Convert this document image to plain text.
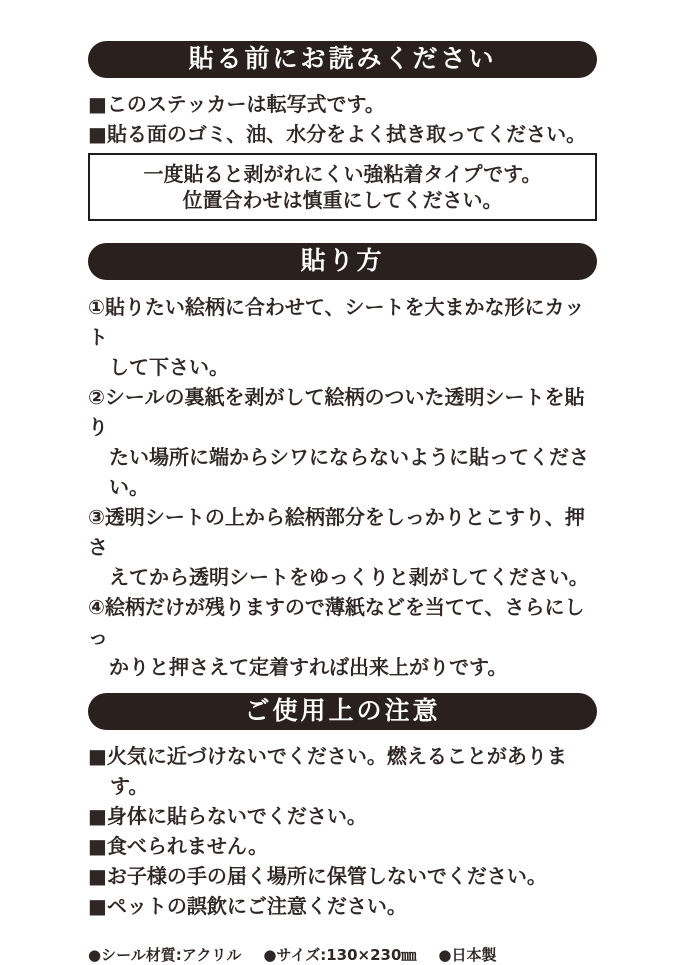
貼る前にお読みください
■このステッカーは転写式です。
■貼る面のゴミ、油、水分をよく拭き取ってください。
一度貼ると剥がれにくい強粘着タイプです。
位置合わせは慎重にしてください。
貼り方
①貼りたい絵柄に合わせて、シートを大まかな形にカット
して下さい。
②シールの裏紙を剥がして絵柄のついた透明シートを貼り
たい場所に端からシワにならないように貼ってください。
③透明シートの上から絵柄部分をしっかりとこすり、押さ
えてから透明シートをゆっくりと剥がしてください。
④絵柄だけが残りますので薄紙などを当てて、さらにしっ
かりと押さえて定着すれば出来上がりです。
ご使用上の注意
■火気に近づけないでください。燃えることがあります。
■身体に貼らないでください。
■食べられません。
■お子様の手の届く場所に保管しないでください。
■ペットの誤飲にご注意ください。
●シール材質:アクリル ●サイズ:130×230㎜ ●日本製
